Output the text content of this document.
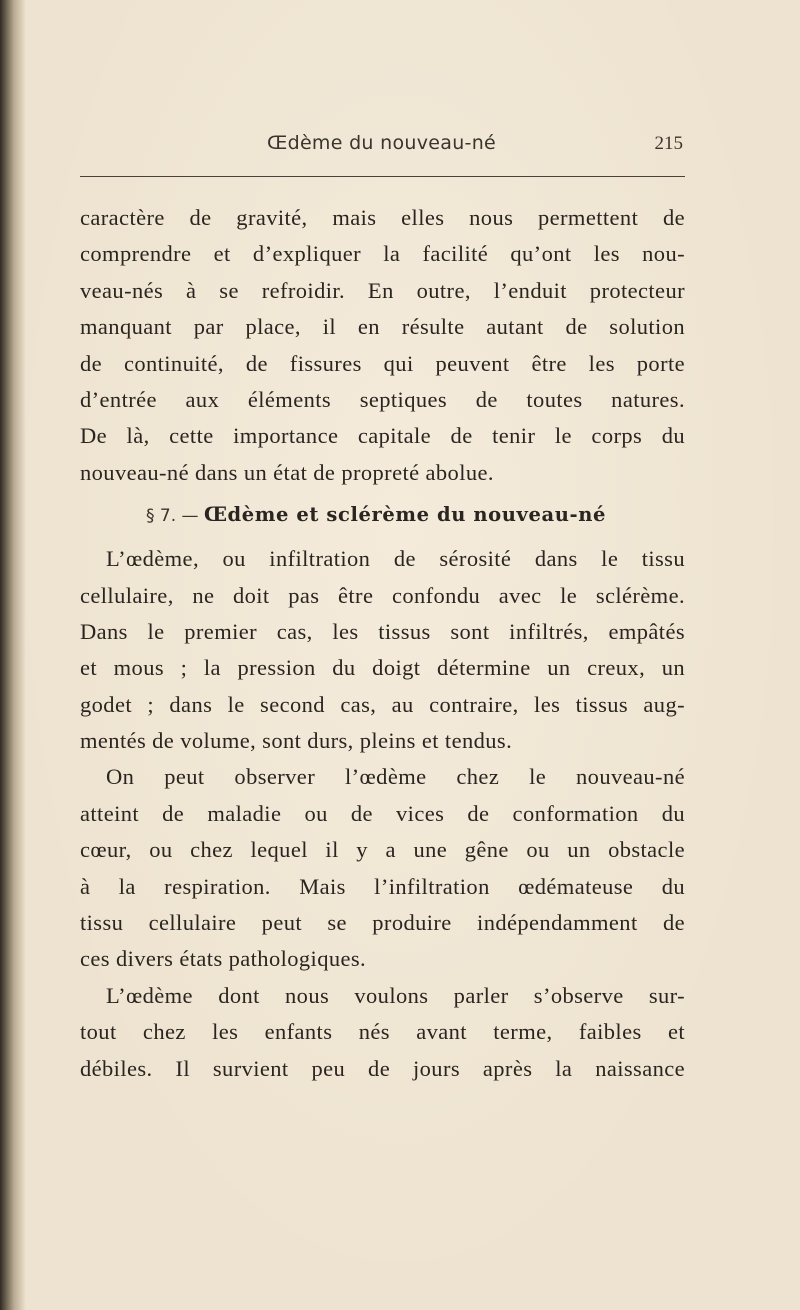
Œdème du nouveau-né	215
caractère de gravité, mais elles nous permettent de
comprendre et d’expliquer la facilité qu’ont les nou-
veau-nés à se refroidir. En outre, l’enduit protecteur
manquant par place, il en résulte autant de solution
de continuité, de fissures qui peuvent être les porte
d’entrée aux éléments septiques de toutes natures.
De là, cette importance capitale de tenir le corps du
nouveau-né dans un état de propreté abolue.
§ 7. — Œdème et sclérème du nouveau-né
L’œdème, ou infiltration de sérosité dans le tissu
cellulaire, ne doit pas être confondu avec le sclérème.
Dans le premier cas, les tissus sont infiltrés, empâtés
et mous ; la pression du doigt détermine un creux, un
godet ; dans le second cas, au contraire, les tissus aug-
mentés de volume, sont durs, pleins et tendus.
On peut observer l’œdème chez le nouveau-né
atteint de maladie ou de vices de conformation du
cœur, ou chez lequel il y a une gêne ou un obstacle
à la respiration. Mais l’infiltration œdémateuse du
tissu cellulaire peut se produire indépendamment de
ces divers états pathologiques.
L’œdème dont nous voulons parler s’observe sur-
tout chez les enfants nés avant terme, faibles et
débiles. Il survient peu de jours après la naissance
